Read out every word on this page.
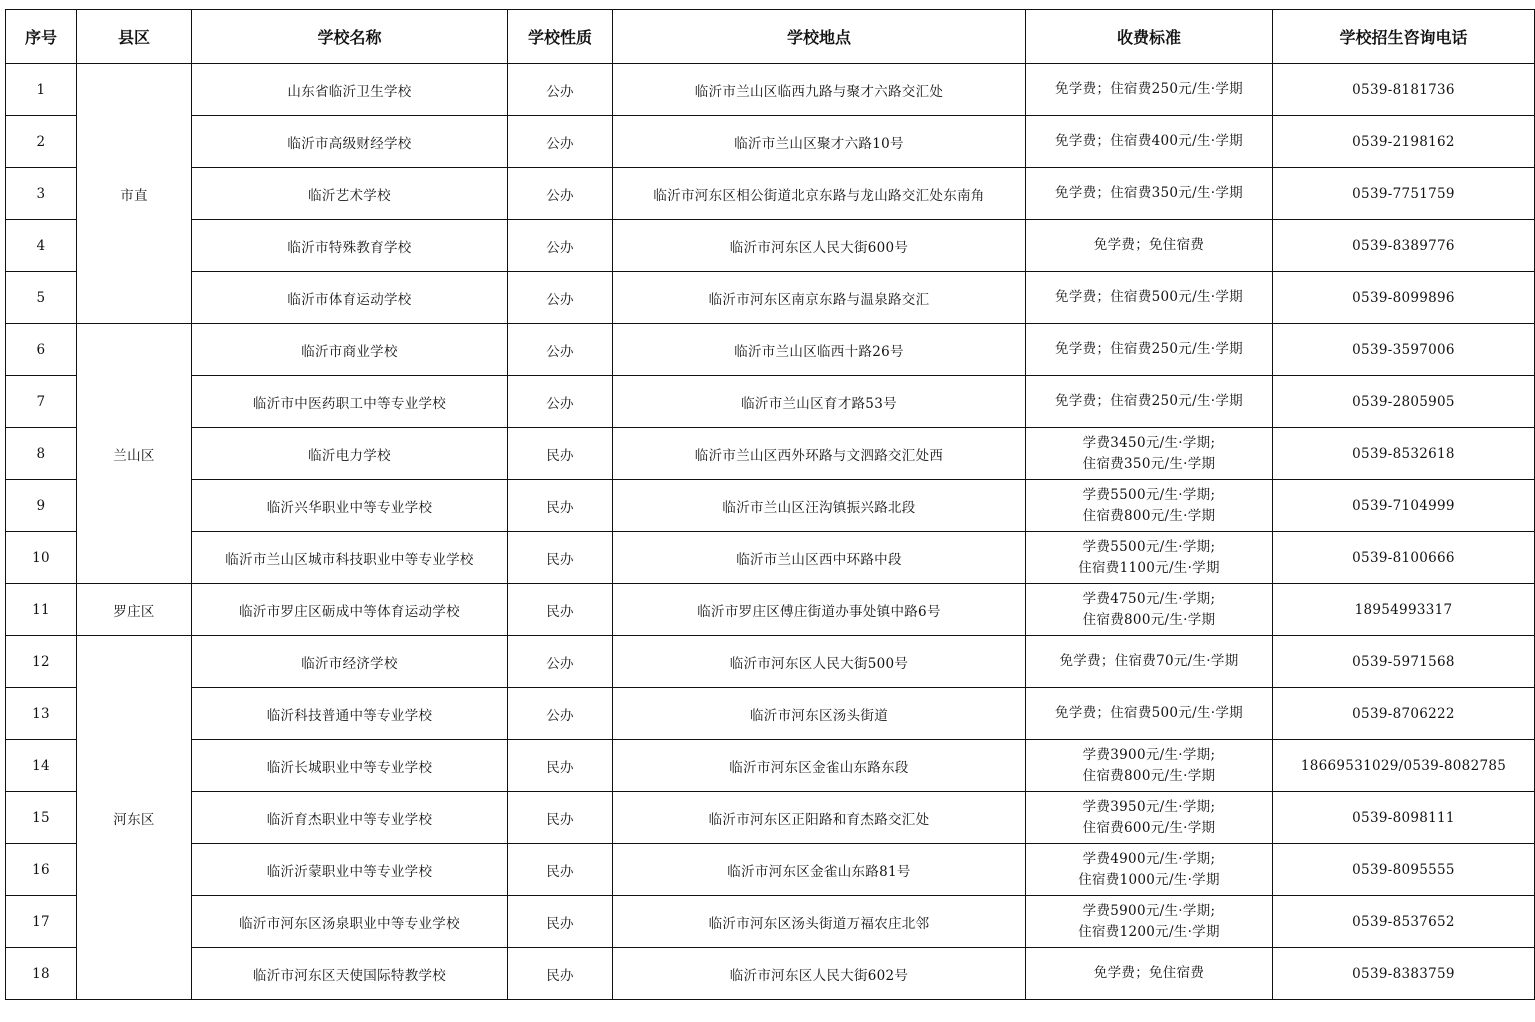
序号	县区	学校名称	学校性质	学校地点	收费标准	学校招生咨询电话
1	市直	山东省临沂卫生学校	公办	临沂市兰山区临西九路与聚才六路交汇处	免学费；住宿费250元/生·学期	0539-8181736
2		临沂市高级财经学校	公办	临沂市兰山区聚才六路10号	免学费；住宿费400元/生·学期	0539-2198162
3		临沂艺术学校	公办	临沂市河东区相公街道北京东路与龙山路交汇处东南角	免学费；住宿费350元/生·学期	0539-7751759
4		临沂市特殊教育学校	公办	临沂市河东区人民大街600号	免学费；免住宿费	0539-8389776
5		临沂市体育运动学校	公办	临沂市河东区南京东路与温泉路交汇	免学费；住宿费500元/生·学期	0539-8099896
6	兰山区	临沂市商业学校	公办	临沂市兰山区临西十路26号	免学费；住宿费250元/生·学期	0539-3597006
7		临沂市中医药职工中等专业学校	公办	临沂市兰山区育才路53号	免学费；住宿费250元/生·学期	0539-2805905
8		临沂电力学校	民办	临沂市兰山区西外环路与文泗路交汇处西	学费3450元/生·学期;
住宿费350元/生·学期	0539-8532618
9		临沂兴华职业中等专业学校	民办	临沂市兰山区汪沟镇振兴路北段	学费5500元/生·学期;
住宿费800元/生·学期	0539-7104999
10		临沂市兰山区城市科技职业中等专业学校	民办	临沂市兰山区西中环路中段	学费5500元/生·学期;
住宿费1100元/生·学期	0539-8100666
11	罗庄区	临沂市罗庄区砺成中等体育运动学校	民办	临沂市罗庄区傅庄街道办事处镇中路6号	学费4750元/生·学期;
住宿费800元/生·学期	18954993317
12	河东区	临沂市经济学校	公办	临沂市河东区人民大街500号	免学费；住宿费70元/生·学期	0539-5971568
13		临沂科技普通中等专业学校	公办	临沂市河东区汤头街道	免学费；住宿费500元/生·学期	0539-8706222
14		临沂长城职业中等专业学校	民办	临沂市河东区金雀山东路东段	学费3900元/生·学期;
住宿费800元/生·学期	18669531029/0539-8082785
15		临沂育杰职业中等专业学校	民办	临沂市河东区正阳路和育杰路交汇处	学费3950元/生·学期;
住宿费600元/生·学期	0539-8098111
16		临沂沂蒙职业中等专业学校	民办	临沂市河东区金雀山东路81号	学费4900元/生·学期;
住宿费1000元/生·学期	0539-8095555
17		临沂市河东区汤泉职业中等专业学校	民办	临沂市河东区汤头街道万福农庄北邻	学费5900元/生·学期;
住宿费1200元/生·学期	0539-8537652
18		临沂市河东区天使国际特教学校	民办	临沂市河东区人民大街602号	免学费；免住宿费	0539-8383759
